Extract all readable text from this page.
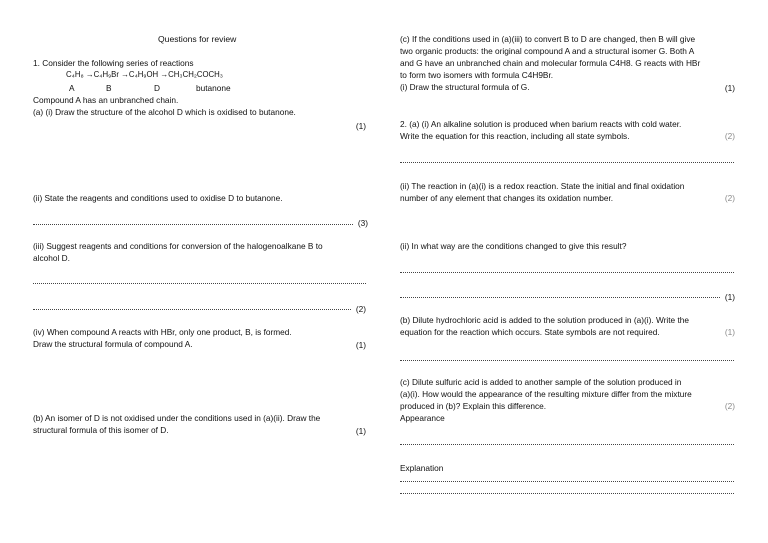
Questions for review
1. Consider the following series of reactions
C₄H₈ →C₄H₉Br →C₄H₉OH →CH₃CH₂COCH₃
A	B	D	butanone
Compound A has an unbranched chain.
(a) (i) Draw the structure of the alcohol D which is oxidised to butanone.
(1)
(ii) State the reagents and conditions used to oxidise D to butanone.
(3)
(iii) Suggest reagents and conditions for conversion of the halogenoalkane B to
alcohol D.
(2)
(iv) When compound A reacts with HBr, only one product, B, is formed.
Draw the structural formula of compound A.	(1)
(b) An isomer of D is not oxidised under the conditions used in (a)(ii). Draw the
structural formula of this isomer of D.	(1)
(c) If the conditions used in (a)(iii) to convert B to D are changed, then B will give
two organic products: the original compound A and a structural isomer G. Both A
and G have an unbranched chain and molecular formula C4H8. G reacts with HBr
to form two isomers with formula C4H9Br.
(i) Draw the structural formula of G.	(1)
2. (a) (i) An alkaline solution is produced when barium reacts with cold water.
Write the equation for this reaction, including all state symbols.	(2)
(ii) The reaction in (a)(i) is a redox reaction. State the initial and final oxidation
number of any element that changes its oxidation number.	(2)
(ii) In what way are the conditions changed to give this result?
(1)
(b) Dilute hydrochloric acid is added to the solution produced in (a)(i). Write the
equation for the reaction which occurs. State symbols are not required.	(1)
(c) Dilute sulfuric acid is added to another sample of the solution produced in
(a)(i). How would the appearance of the resulting mixture differ from the mixture
produced in (b)? Explain this difference.	(2)
Appearance
Explanation
